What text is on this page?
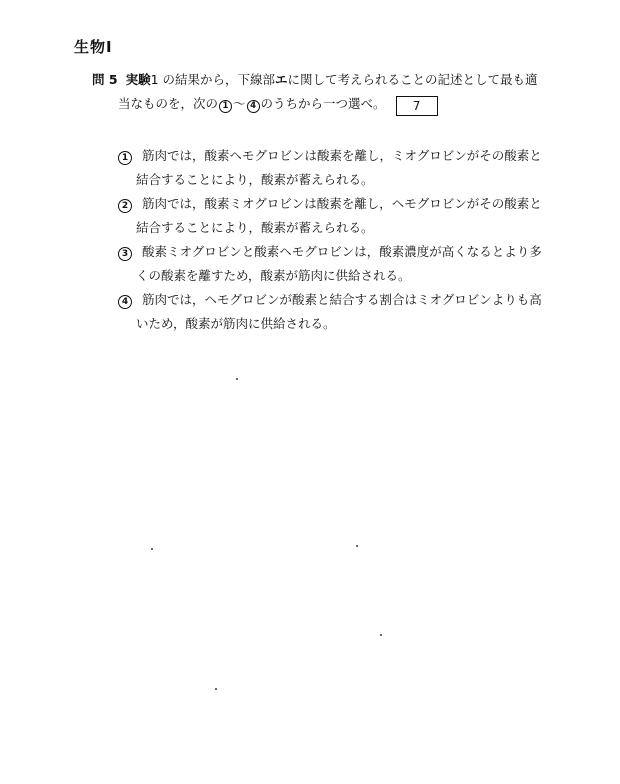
生物Ⅰ
問 5 実験1 の結果から，下線部エに関して考えられることの記述として最も適
当なものを，次の 1 〜 4 のうちから一つ選べ。 7
1 筋肉では，酸素ヘモグロビンは酸素を離し，ミオグロビンがその酸素と
結合することにより，酸素が蓄えられる。
2 筋肉では，酸素ミオグロビンは酸素を離し，ヘモグロビンがその酸素と
結合することにより，酸素が蓄えられる。
3 酸素ミオグロビンと酸素ヘモグロビンは，酸素濃度が高くなるとより多
くの酸素を離すため，酸素が筋肉に供給される。
4 筋肉では，ヘモグロビンが酸素と結合する割合はミオグロビンよりも高
いため，酸素が筋肉に供給される。
